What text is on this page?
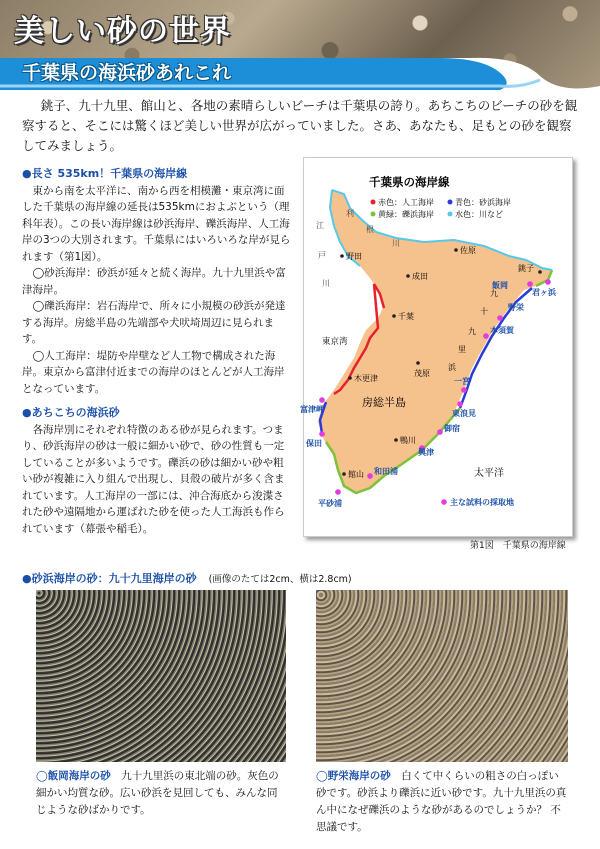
美しい砂の世界
千葉県の海浜砂あれこれ
銚子、九十九里、館山と、各地の素晴らしいビーチは千葉県の誇り。あちこちのビーチの砂を観察すると、そこには驚くほど美しい世界が広がっていました。さあ、あなたも、足もとの砂を観察してみましょう。
●長さ 535km！千葉県の海岸線
東から南を太平洋に、南から西を相模灘・東京湾に面した千葉県の海岸線の延長は535kmにおよぶという（理科年表）。この長い海岸線は砂浜海岸、礫浜海岸、人工海岸の3つの大別されます。千葉県にはいろいろな岸が見られます（第1図）。
◯砂浜海岸：砂浜が延々と続く海岸。九十九里浜や富津海岸。
◯礫浜海岸：岩石海岸で、所々に小規模の砂浜が発達する海岸。房総半島の先端部や犬吠埼周辺に見られます。
◯人工海岸：堤防や岸壁など人工物で構成された海岸。東京から富津付近までの海岸のほとんどが人工海岸となっています。
●あちこちの海浜砂
各海岸別にそれぞれ特徴のある砂が見られます。つまり、砂浜海岸の砂は一般に細かい砂で、砂の性質も一定していることが多いようです。礫浜の砂は細かい砂や粗い砂が複雑に入り組んで出現し、貝殻の破片が多く含まれています。人工海岸の一部には、沖合海底から浚渫された砂や遠隔地から運ばれた砂を使った人工海浜も作られています（幕張や稲毛）。
千葉県の海岸線
赤色：人工海岸	青色：砂浜海岸
黄緑：礫浜海岸	水色：川など
江
戸
川
利
根
川
野田
佐原
成田
千葉
茂原
木更津
鴨川
館山
銚子
東京湾
房総半島
太平洋
九
十
九
里
浜
飯岡
野栄
君ヶ浜
本須賀
一宮
東浪見
富津岬
保田
御宿
興津
和田浦
平砂浦	主な試料の採取地
第1図　千葉県の海岸線
●砂浜海岸の砂：九十九里海岸の砂 (画像のたては2cm、横は2.8cm)
◯飯岡海岸の砂　 九十九里浜の東北端の砂。灰色の細かい均質な砂。広い砂浜を見回しても、みんな同じような砂ばかりです。
◯野栄海岸の砂　 白くて中くらいの粗さの白っぽい砂です。砂浜より礫浜に近い砂です。九十九里浜の真ん中になぜ礫浜のような砂があるのでしょうか？ 不思議です。
